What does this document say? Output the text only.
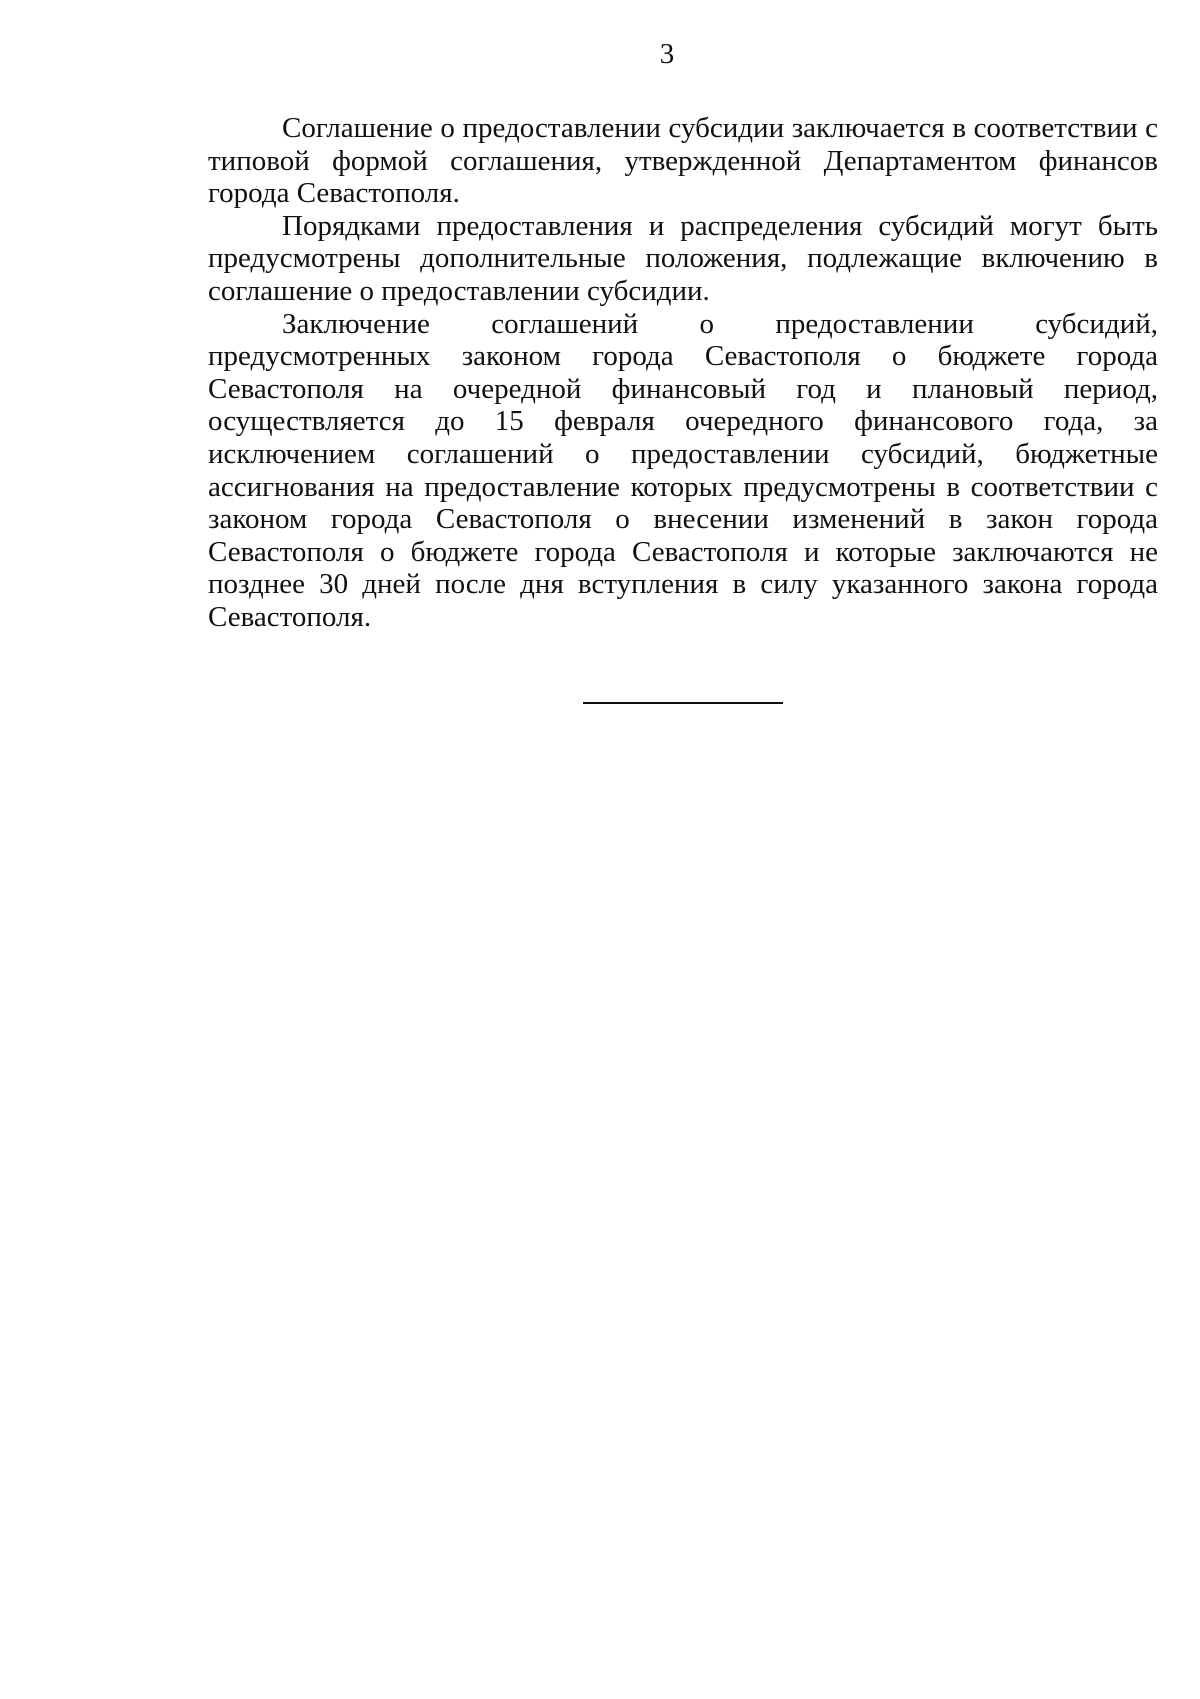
3

Соглашение о предоставлении субсидии заключается в соответствии с типовой формой соглашения, утвержденной Департаментом финансов города Севастополя.

Порядками предоставления и распределения субсидий могут быть предусмотрены дополнительные положения, подлежащие включению в соглашение о предоставлении субсидии.

Заключение соглашений о предоставлении субсидий, предусмотренных законом города Севастополя о бюджете города Севастополя на очередной финансовый год и плановый период, осуществляется до 15 февраля очередного финансового года, за исключением соглашений о предоставлении субсидий, бюджетные ассигнования на предоставление которых предусмотрены в соответствии с законом города Севастополя о внесении изменений в закон города Севастополя о бюджете города Севастополя и которые заключаются не позднее 30 дней после дня вступления в силу указанного закона города Севастополя.
